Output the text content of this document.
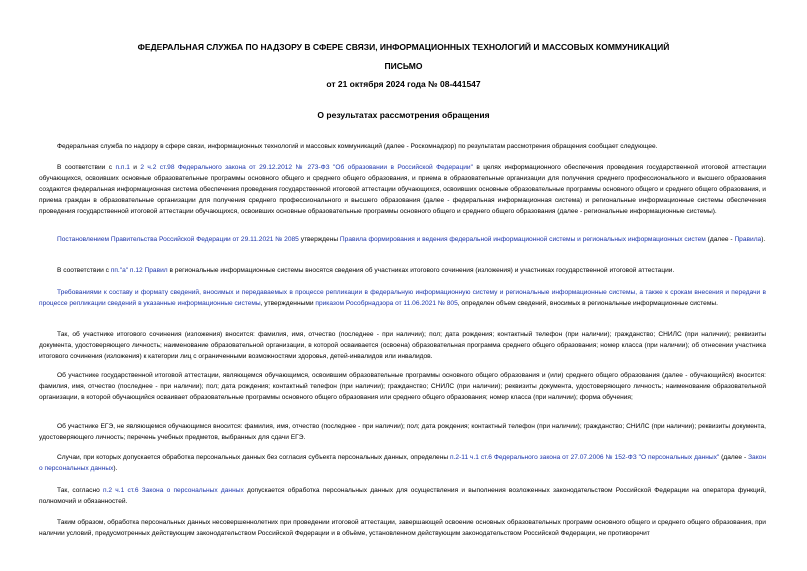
ФЕДЕРАЛЬНАЯ СЛУЖБА ПО НАДЗОРУ В СФЕРЕ СВЯЗИ, ИНФОРМАЦИОННЫХ ТЕХНОЛОГИЙ И МАССОВЫХ КОММУНИКАЦИЙ
ПИСЬМО
от 21 октября 2024 года № 08-441547
О результатах рассмотрения обращения
Федеральная служба по надзору в сфере связи, информационных технологий и массовых коммуникаций (далее - Роскомнадзор) по результатам рассмотрения обращения сообщает следующее.
В соответствии с п.п.1 и 2 ч.2 ст.98 Федерального закона от 29.12.2012 № 273-ФЗ "Об образовании в Российской Федерации" в целях информационного обеспечения проведения государственной итоговой аттестации обучающихся, освоивших основные образовательные программы основного общего и среднего общего образования, и приема в образовательные организации для получения среднего профессионального и высшего образования создаются федеральная информационная система обеспечения проведения государственной итоговой аттестации обучающихся, освоивших основные образовательные программы основного общего и среднего общего образования, и приема граждан в образовательные организации для получения среднего профессионального и высшего образования (далее - федеральная информационная система) и региональные информационные системы обеспечения проведения государственной итоговой аттестации обучающихся, освоивших основные образовательные программы основного общего и среднего общего образования (далее - региональные информационные системы).
Постановлением Правительства Российской Федерации от 29.11.2021 № 2085 утверждены Правила формирования и ведения федеральной информационной системы и региональных информационных систем (далее - Правила).
В соответствии с пп."а" п.12 Правил в региональные информационные системы вносятся сведения об участниках итогового сочинения (изложения) и участниках государственной итоговой аттестации.
Требованиями к составу и формату сведений, вносимых и передаваемых в процессе репликации в федеральную информационную систему и региональные информационные системы, а также к срокам внесения и передачи в процессе репликации сведений в указанные информационные системы, утвержденными приказом Рособрнадзора от 11.06.2021 № 805, определен объем сведений, вносимых в региональные информационные системы.
Так, об участнике итогового сочинения (изложения) вносится: фамилия, имя, отчество (последнее - при наличии); пол; дата рождения; контактный телефон (при наличии); гражданство; СНИЛС (при наличии); реквизиты документа, удостоверяющего личность; наименование образовательной организации, в которой осваивается (освоена) образовательная программа среднего общего образования; номер класса (при наличии); об отнесении участника итогового сочинения (изложения) к категории лиц с ограниченными возможностями здоровья, детей-инвалидов или инвалидов.
Об участнике государственной итоговой аттестации, являющемся обучающимся, освоившим образовательные программы основного общего образования и (или) среднего общего образования (далее - обучающийся) вносится: фамилия, имя, отчество (последнее - при наличии); пол; дата рождения; контактный телефон (при наличии); гражданство; СНИЛС (при наличии); реквизиты документа, удостоверяющего личность; наименование образовательной организации, в которой обучающийся осваивает образовательные программы основного общего образования или среднего общего образования; номер класса (при наличии); форма обучения;
Об участнике ЕГЭ, не являющемся обучающимся вносится: фамилия, имя, отчество (последнее - при наличии); пол; дата рождения; контактный телефон (при наличии); гражданство; СНИЛС (при наличии); реквизиты документа, удостоверяющего личность; перечень учебных предметов, выбранных для сдачи ЕГЭ.
Случаи, при которых допускается обработка персональных данных без согласия субъекта персональных данных, определены п.2-11 ч.1 ст.6 Федерального закона от 27.07.2006 № 152-ФЗ "О персональных данных" (далее - Закон о персональных данных).
Так, согласно п.2 ч.1 ст.6 Закона о персональных данных допускается обработка персональных данных для осуществления и выполнения возложенных законодательством Российской Федерации на оператора функций, полномочий и обязанностей.
Таким образом, обработка персональных данных несовершеннолетних при проведении итоговой аттестации, завершающей освоение основных образовательных программ основного общего и среднего общего образования, при наличии условий, предусмотренных действующим законодательством Российской Федерации и в объёме, установленном действующим законодательством Российской Федерации, не противоречит
